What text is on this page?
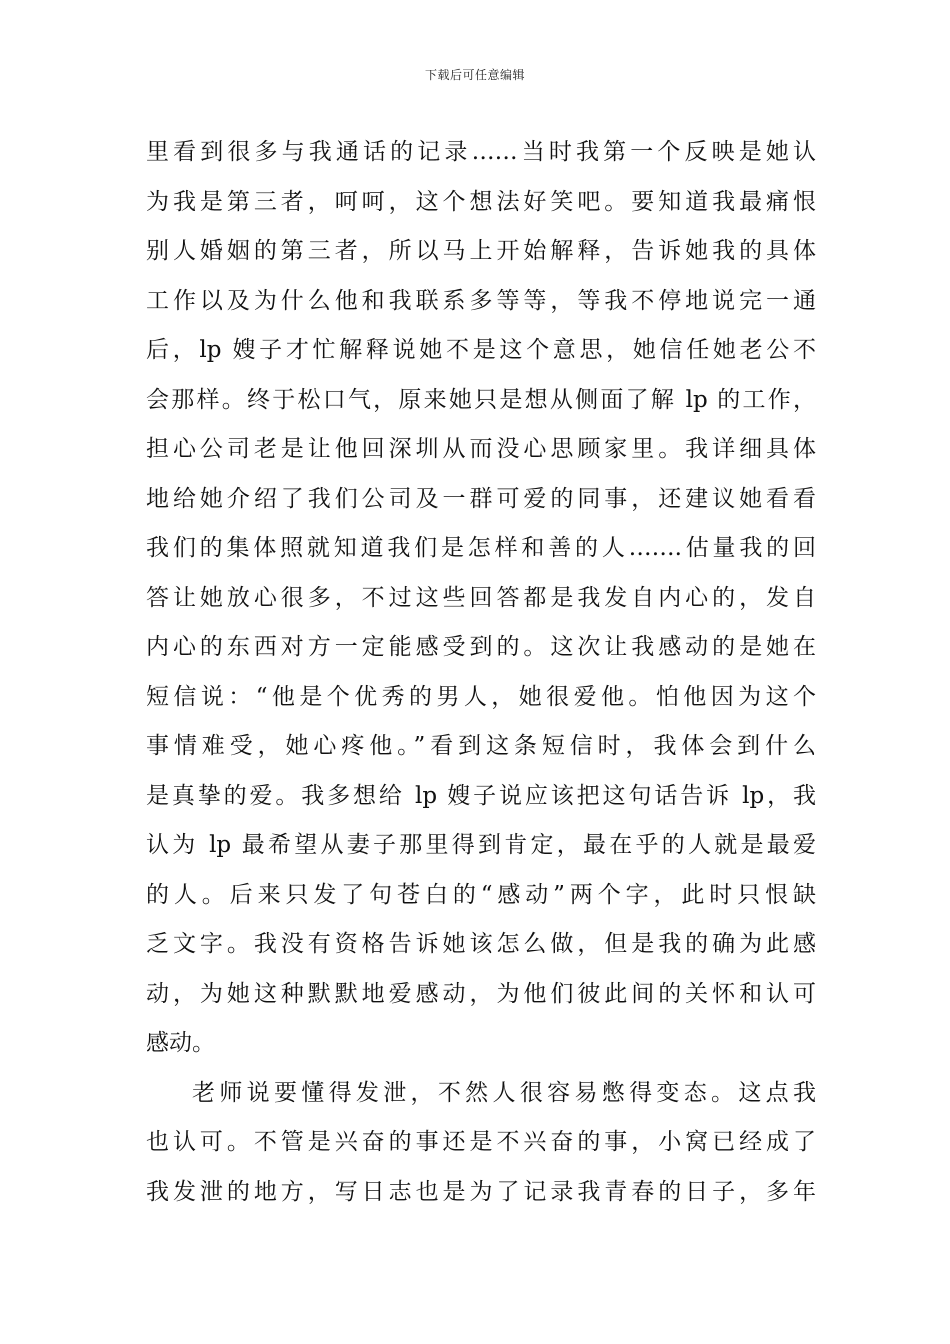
下载后可任意编辑
里看到很多与我通话的记录……当时我第一个反映是她认
为我是第三者，呵呵，这个想法好笑吧。要知道我最痛恨
别人婚姻的第三者，所以马上开始解释，告诉她我的具体
工作以及为什么他和我联系多等等，等我不停地说完一通
后，lp 嫂子才忙解释说她不是这个意思，她信任她老公不
会那样。终于松口气，原来她只是想从侧面了解 lp 的工作，
担心公司老是让他回深圳从而没心思顾家里。我详细具体
地给她介绍了我们公司及一群可爱的同事，还建议她看看
我们的集体照就知道我们是怎样和善的人…….估量我的回
答让她放心很多，不过这些回答都是我发自内心的，发自
内心的东西对方一定能感受到的。这次让我感动的是她在
短信说：“他是个优秀的男人，她很爱他。怕他因为这个
事情难受，她心疼他。”看到这条短信时，我体会到什么
是真挚的爱。我多想给 lp 嫂子说应该把这句话告诉 lp，我
认为 lp 最希望从妻子那里得到肯定，最在乎的人就是最爱
的人。后来只发了句苍白的“感动”两个字，此时只恨缺
乏文字。我没有资格告诉她该怎么做，但是我的确为此感
动，为她这种默默地爱感动，为他们彼此间的关怀和认可
感动。
老师说要懂得发泄，不然人很容易憋得变态。这点我
也认可。不管是兴奋的事还是不兴奋的事，小窝已经成了
我发泄的地方，写日志也是为了记录我青春的日子，多年
